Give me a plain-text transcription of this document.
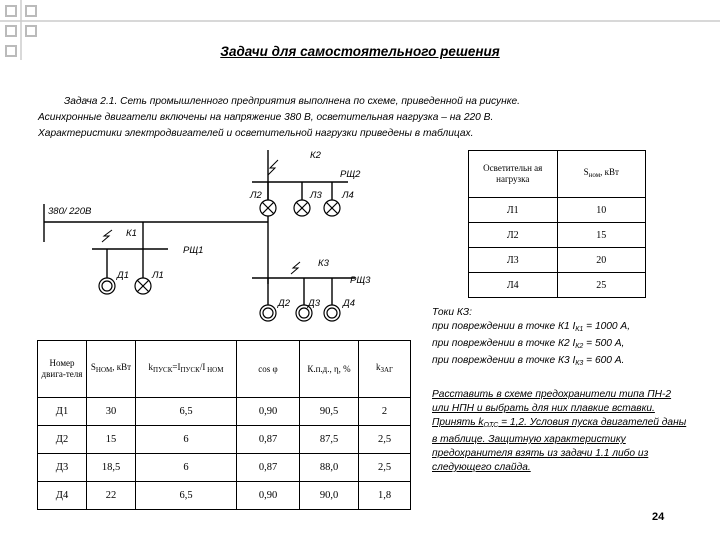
Задачи для самостоятельного решения
Задача 2.1. Сеть промышленного предприятия выполнена по схеме, приведенной на рисунке.
Асинхронные двигатели включены на напряжение 380 В, осветительная нагрузка – на 220 В.
Характеристики электродвигателей и осветительной нагрузки приведены в таблицах.
380/ 220В
К2
РЩ2
Л2	Л3 Л4
К1
РЩ1
Д1 Л1
К3
РЩ3
Д2 Д3 Д4
Осветительн ая нагрузка	$S_{ном}$, кВт
Л1	10
Л2	15
Л3	20
Л4	25
Токи КЗ:
при повреждении в точке К1 $I_{К1} = 1000$ А,
при повреждении в точке К2 $I_{К2} = 500$ А,
при повреждении в точке К3 $I_{К3} = 600$ А.
Номер двига-теля	$S_{НОМ}$, кВт	$k_{ПУСК}=I_{ПУСК}/I$ $_{НОМ}$	cos φ	К.п.д., η, %	$k_{ЗАГ}$
Д1	30	6,5	0,90	90,5	2
Д2	15	6	0,87	87,5	2,5
Д3	18,5	6	0,87	88,0	2,5
Д4	22	6,5	0,90	90,0	1,8
Расставить в схеме предохранители типа ПН-2 или НПН и выбрать для них плавкие вставки. Принять $k_{ОТС} = 1,2$. Условия пуска двигателей даны в таблице. Защитную характеристику предохранителя взять из задачи 1.1 либо из следующего слайда.
24
